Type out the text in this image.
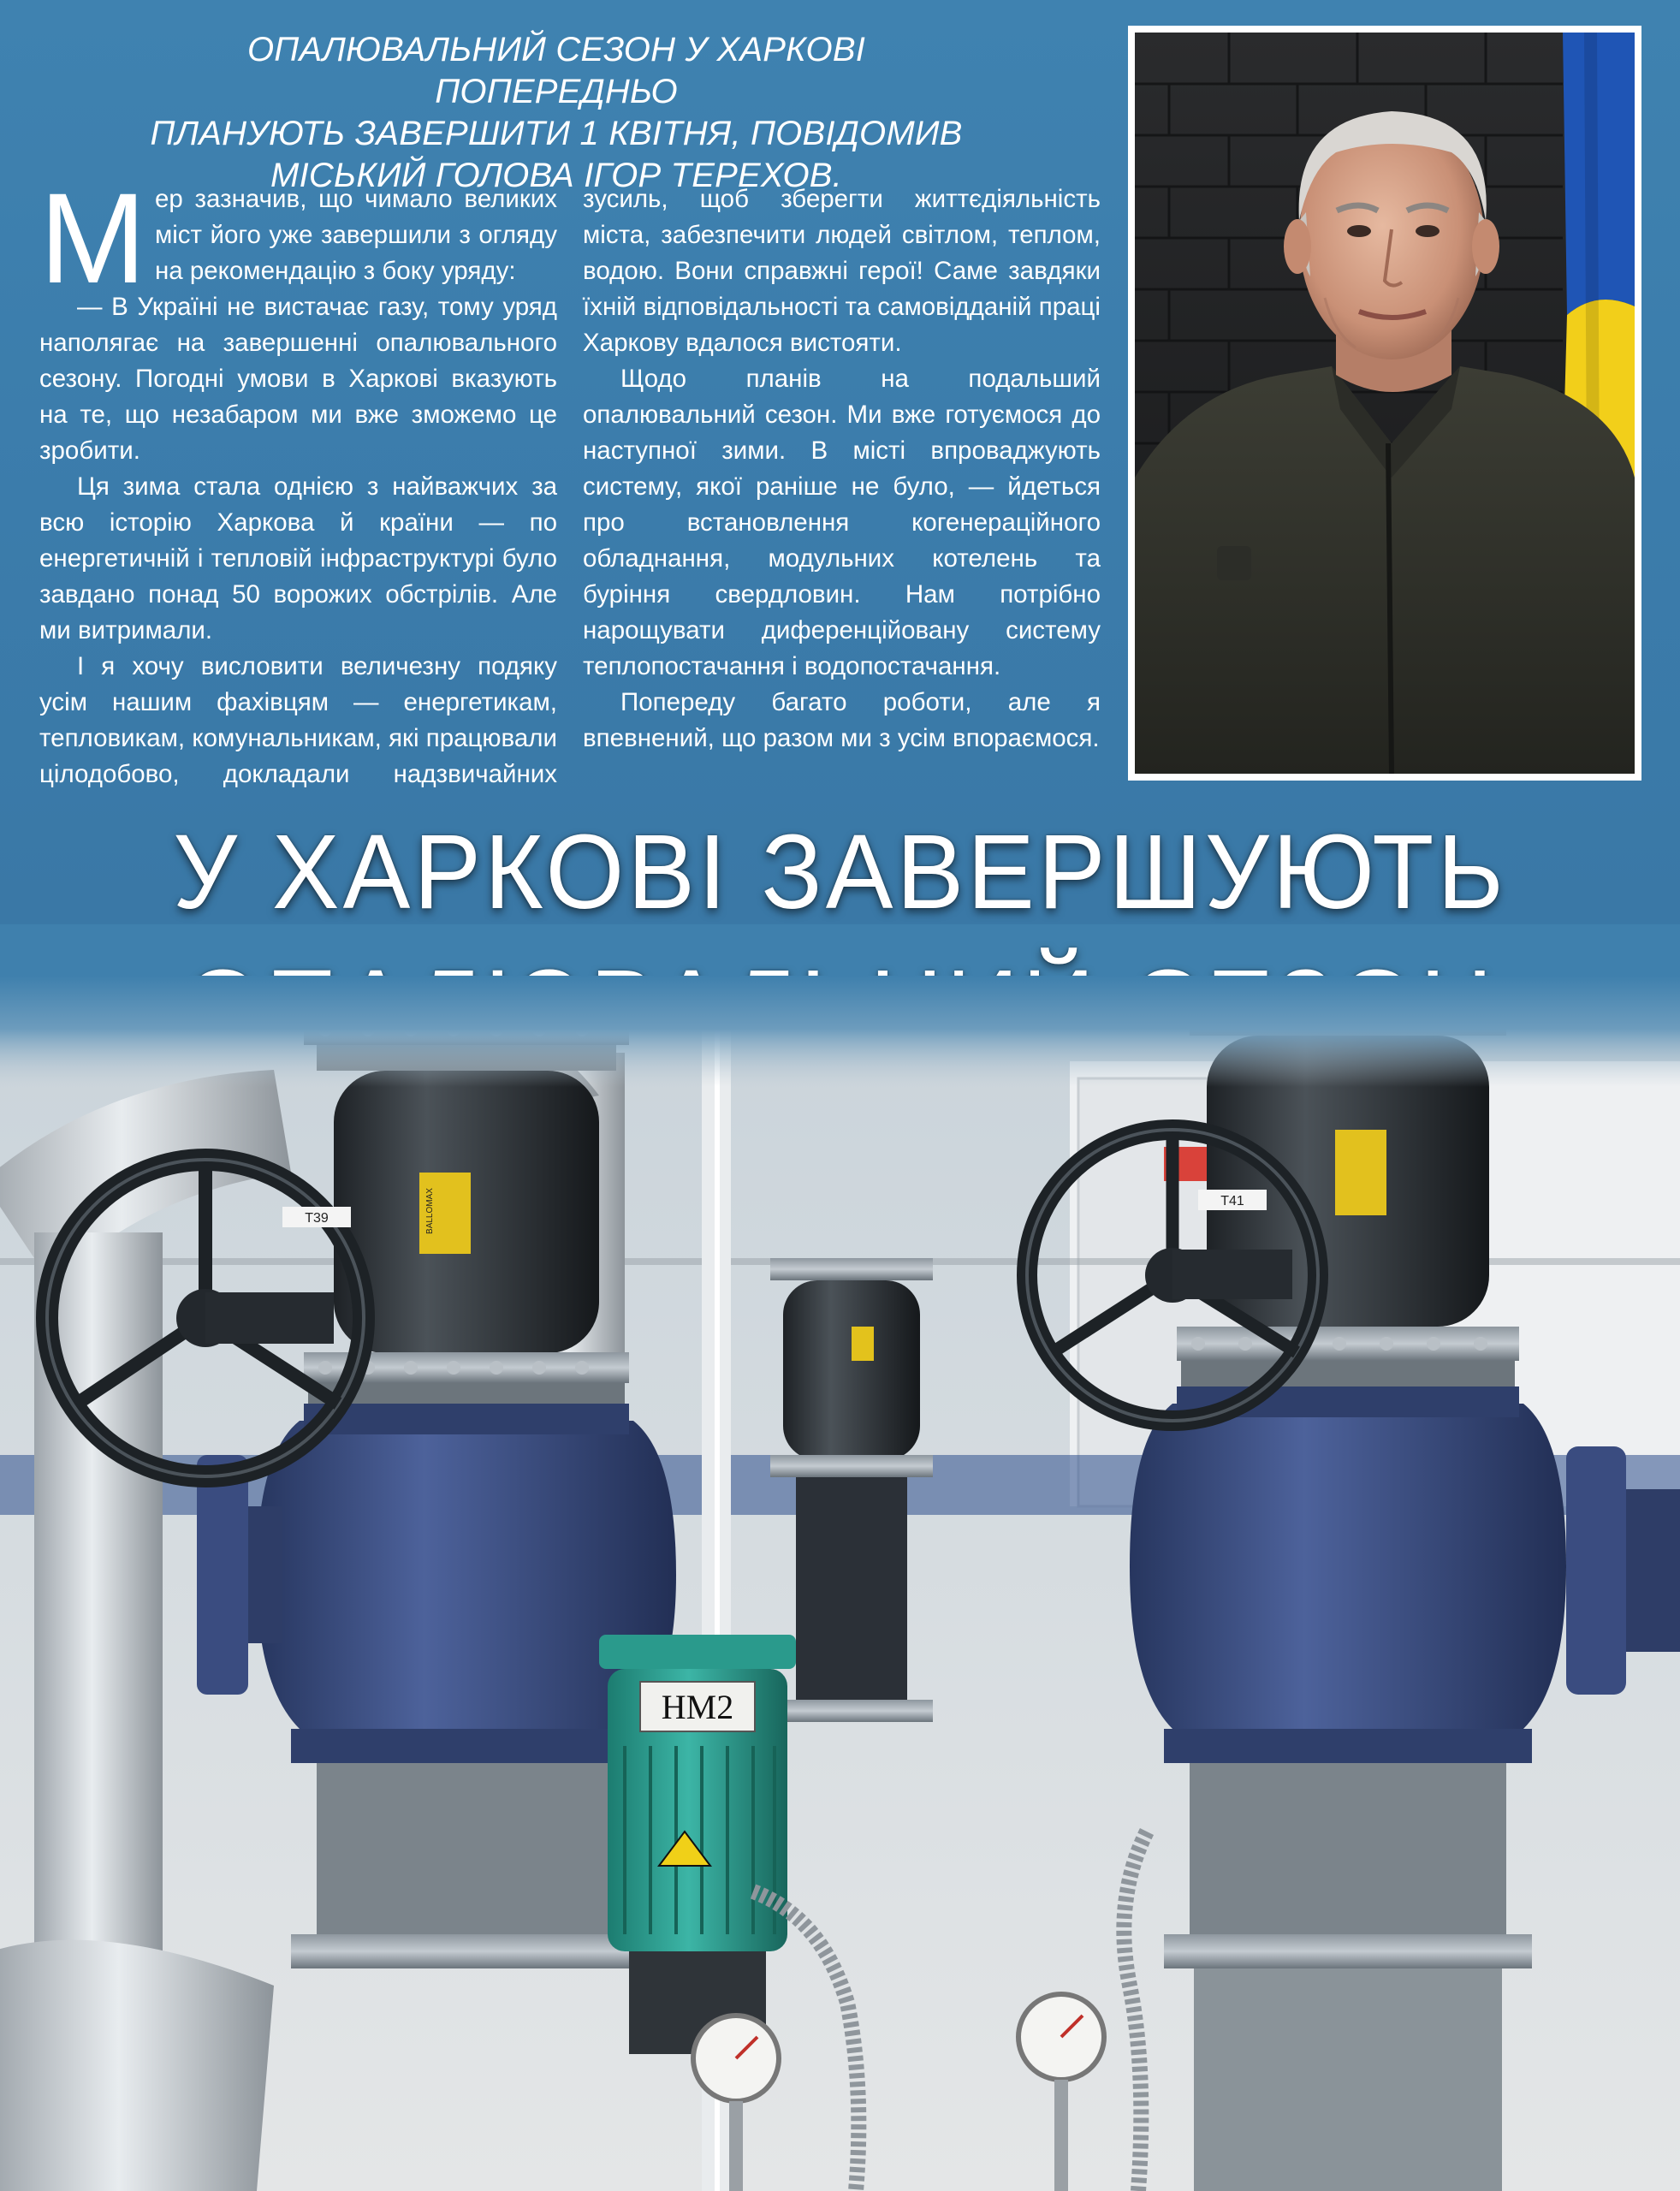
ОПАЛЮВАЛЬНИЙ СЕЗОН У ХАРКОВІ ПОПЕРЕДНЬО
ПЛАНУЮТЬ ЗАВЕРШИТИ 1 КВІТНЯ, ПОВІДОМИВ
МІСЬКИЙ ГОЛОВА ІГОР ТЕРЕХОВ.

Мер зазначив, що чимало великих міст його уже завершили з огляду на рекомендацію з боку уряду:

— В Україні не вистачає газу, тому уряд наполягає на завершенні опалювального сезону. Погодні умови в Харкові вказують на те, що незабаром ми вже зможемо це зробити.

Ця зима стала однією з найважчих за всю історію Харкова й країни — по енергетичній і тепловій інфраструктурі було завдано понад 50 ворожих обстрілів. Але ми витримали.

І я хочу висловити величезну подяку усім нашим фахівцям — енергетикам, тепловикам, комунальникам, які працювали цілодобово, докладали надзвичайних зусиль, щоб зберегти життєдіяльність міста, забезпечити людей світлом, теплом, водою. Вони справжні герої! Саме завдяки їхній відповідальності та самовідданій праці Харкову вдалося вистояти.

Щодо планів на подальший опалювальний сезон. Ми вже готуємося до наступної зими. В місті впроваджують систему, якої раніше не було, — йдеться про встановлення когенераційного обладнання, модульних котелень та буріння свердловин. Нам потрібно нарощувати диференційовану систему теплопостачання і водопостачання.

Попереду багато роботи, але я впевнений, що разом ми з усім впораємося.

У ХАРКОВІ ЗАВЕРШУЮТЬ
НМ2
